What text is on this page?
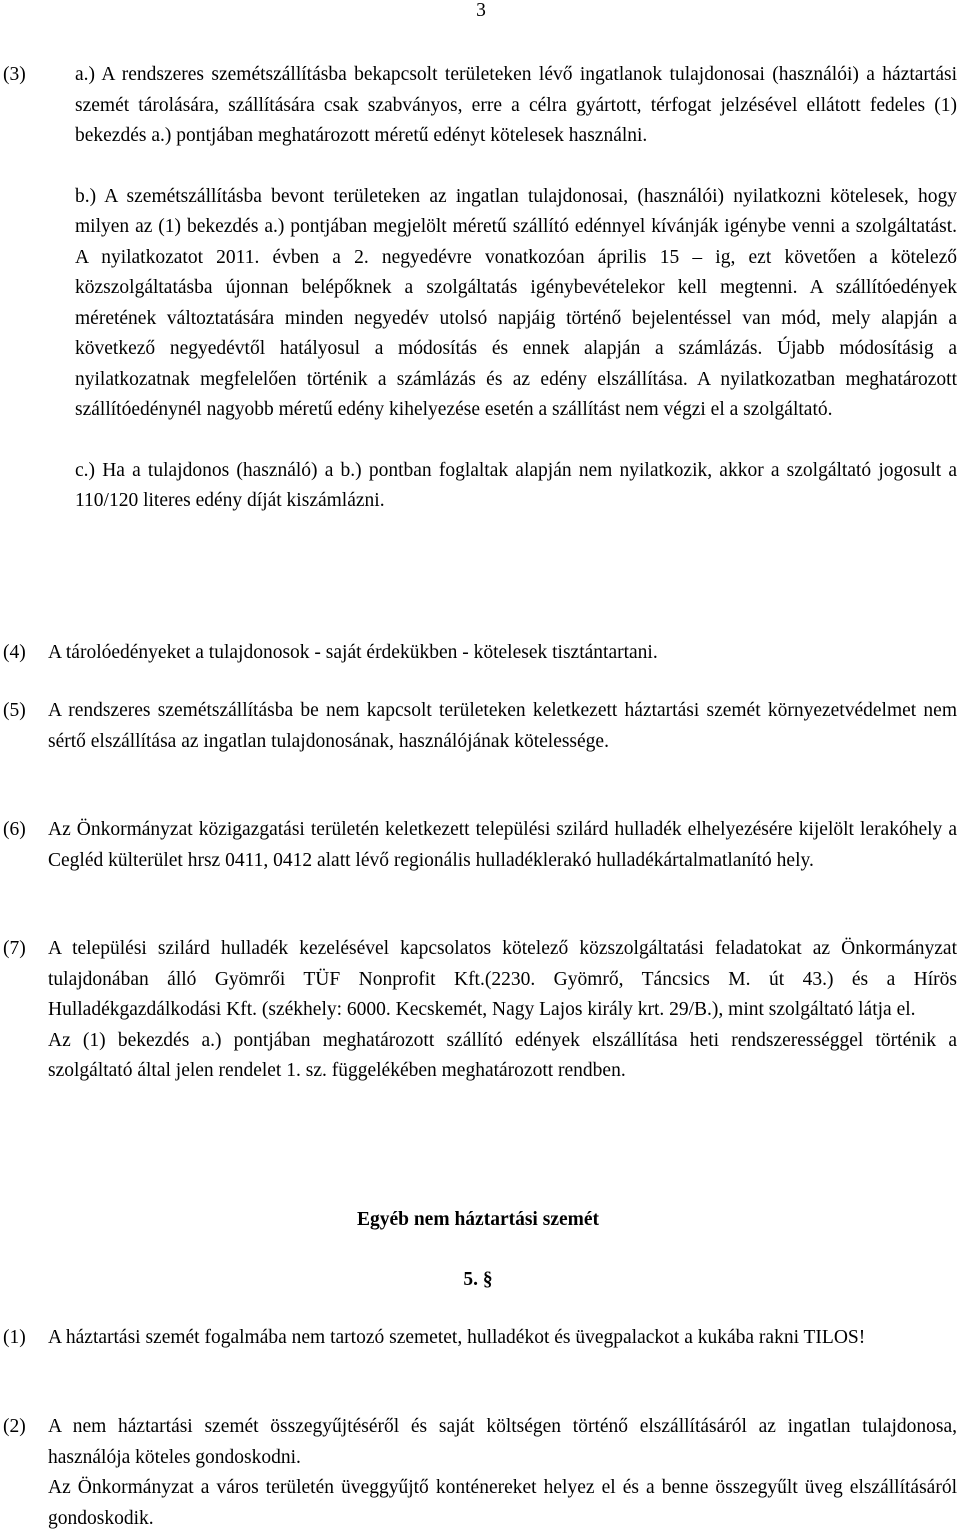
3
(3)	a.) A rendszeres szemétszállításba bekapcsolt területeken lévő ingatlanok tulajdonosai (használói) a háztartási szemét tárolására, szállítására csak szabványos, erre a célra gyártott, térfogat jelzésével ellátott fedeles (1) bekezdés a.) pontjában meghatározott méretű edényt kötelesek használni.

b.) A szemétszállításba bevont területeken az ingatlan tulajdonosai, (használói) nyilatkozni kötelesek, hogy milyen az (1) bekezdés a.) pontjában megjelölt méretű szállító edénnyel kívánják igénybe venni a szolgáltatást. A nyilatkozatot 2011. évben a 2. negyedévre vonatkozóan április 15 – ig, ezt követően a kötelező közszolgáltatásba újonnan belépőknek a szolgáltatás igénybevételekor kell megtenni. A szállítóedények méretének változtatására minden negyedév utolsó napjáig történő bejelentéssel van mód, mely alapján a következő negyedévtől hatályosul a módosítás és ennek alapján a számlázás. Újabb módosításig a nyilatkozatnak megfelelően történik a számlázás és az edény elszállítása. A nyilatkozatban meghatározott szállítóedénynél nagyobb méretű edény kihelyezése esetén a szállítást nem végzi el a szolgáltató.

c.) Ha a tulajdonos (használó) a b.) pontban foglaltak alapján nem nyilatkozik, akkor a szolgáltató jogosult a 110/120 literes edény díját kiszámlázni.

(4) A tárolóedényeket a tulajdonosok - saját érdekükben - kötelesek tisztántartani.
(5) A rendszeres szemétszállításba be nem kapcsolt területeken keletkezett háztartási szemét környezetvédelmet nem sértő elszállítása az ingatlan tulajdonosának, használójának kötelessége.
(6) Az Önkormányzat közigazgatási területén keletkezett települési szilárd hulladék elhelyezésére kijelölt lerakóhely a Cegléd külterület hrsz 0411, 0412 alatt lévő regionális hulladéklerakó hulladékártalmatlanító hely.
(7) A települési szilárd hulladék kezelésével kapcsolatos kötelező közszolgáltatási feladatokat az Önkormányzat tulajdonában álló Gyömrői TÜF Nonprofit Kft.(2230. Gyömrő, Táncsics M. út 43.) és a Hírös Hulladékgazdálkodási Kft. (székhely: 6000. Kecskemét, Nagy Lajos király krt. 29/B.), mint szolgáltató látja el.

Az (1) bekezdés a.) pontjában meghatározott szállító edények elszállítása heti rendszerességgel történik a szolgáltató által jelen rendelet 1. sz. függelékében meghatározott rendben.

Egyéb nem háztartási szemét
5. §
(1) A háztartási szemét fogalmába nem tartozó szemetet, hulladékot és üvegpalackot a kukába rakni TILOS!
(2) A nem háztartási szemét összegyűjtéséről és saját költségen történő elszállításáról az ingatlan tulajdonosa, használója köteles gondoskodni.

Az Önkormányzat a város területén üveggyűjtő konténereket helyez el és a benne összegyűlt üveg elszállításáról gondoskodik.
